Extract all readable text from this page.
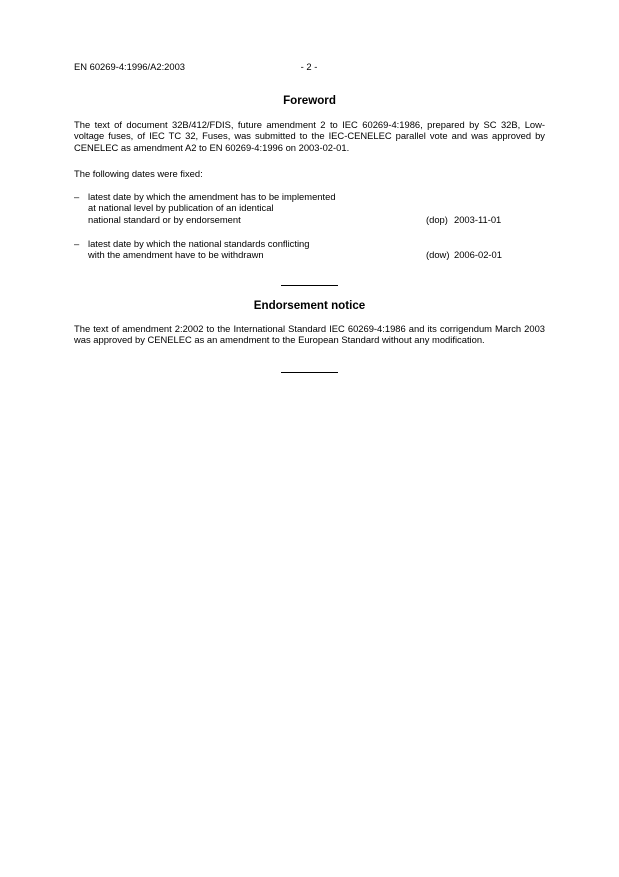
EN 60269-4:1996/A2:2003	- 2 -
Foreword
The text of document 32B/412/FDIS, future amendment 2 to IEC 60269-4:1986, prepared by SC 32B, Low-voltage fuses, of IEC TC 32, Fuses, was submitted to the IEC-CENELEC parallel vote and was approved by CENELEC as amendment A2 to EN 60269-4:1996 on 2003-02-01.
The following dates were fixed:
– latest date by which the amendment has to be implemented
at national level by publication of an identical
national standard or by endorsement	(dop) 2003-11-01
– latest date by which the national standards conflicting
with the amendment have to be withdrawn	(dow) 2006-02-01
Endorsement notice
The text of amendment 2:2002 to the International Standard IEC 60269-4:1986 and its corrigendum March 2003 was approved by CENELEC as an amendment to the European Standard without any modification.
